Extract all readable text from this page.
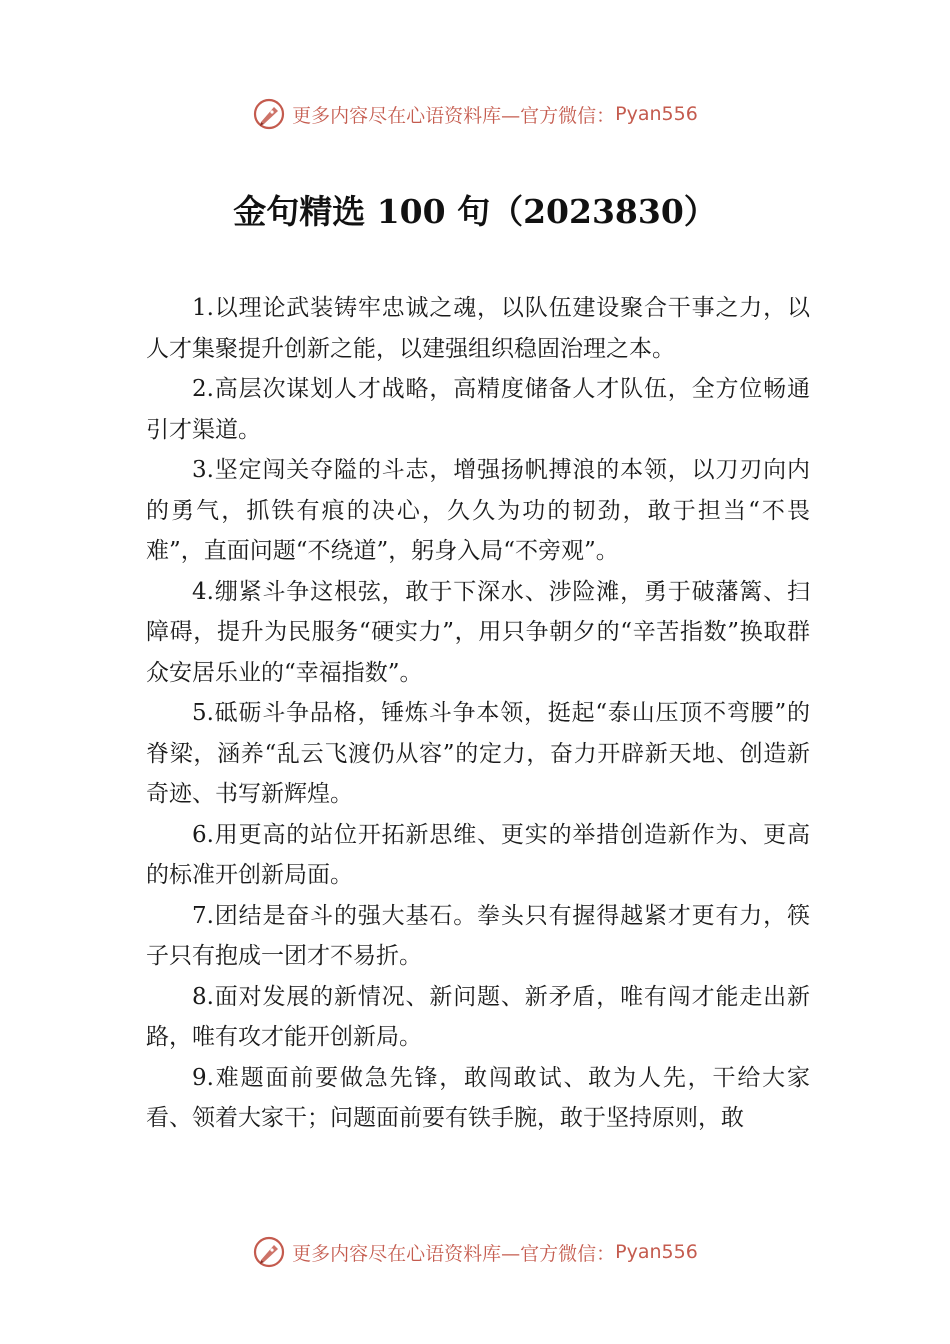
更多内容尽在心语资料库—官方微信： Pyan556
金句精选 100 句（2023830）

1.以理论武装铸牢忠诚之魂，以队伍建设聚合干事之力，以人才集聚提升创新之能，以建强组织稳固治理之本。

2.高层次谋划人才战略，高精度储备人才队伍，全方位畅通引才渠道。

3.坚定闯关夺隘的斗志，增强扬帆搏浪的本领，以刀刃向内的勇气，抓铁有痕的决心，久久为功的韧劲，敢于担当“不畏难”，直面问题“不绕道”，躬身入局“不旁观”。

4.绷紧斗争这根弦，敢于下深水、涉险滩，勇于破藩篱、扫障碍，提升为民服务“硬实力”，用只争朝夕的“辛苦指数”换取群众安居乐业的“幸福指数”。

5.砥砺斗争品格，锤炼斗争本领，挺起“泰山压顶不弯腰”的脊梁，涵养“乱云飞渡仍从容”的定力，奋力开辟新天地、创造新奇迹、书写新辉煌。

6.用更高的站位开拓新思维、更实的举措创造新作为、更高的标准开创新局面。

7.团结是奋斗的强大基石。拳头只有握得越紧才更有力，筷子只有抱成一团才不易折。

8.面对发展的新情况、新问题、新矛盾，唯有闯才能走出新路，唯有攻才能开创新局。

9.难题面前要做急先锋，敢闯敢试、敢为人先，干给大家看、领着大家干；问题面前要有铁手腕，敢于坚持原则，敢

更多内容尽在心语资料库—官方微信： Pyan556
